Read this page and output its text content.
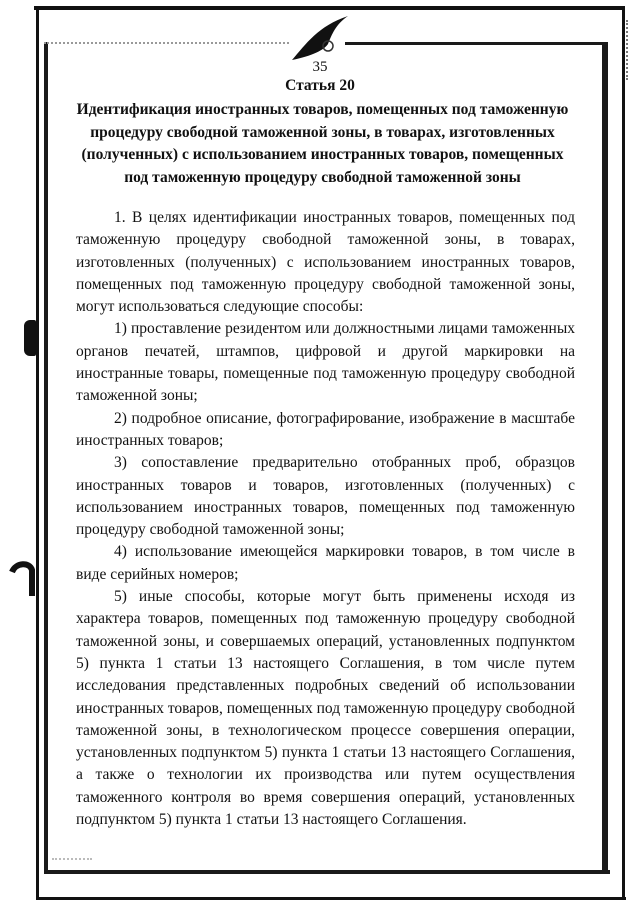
35
Статья 20

Идентификация иностранных товаров, помещенных под таможенную процедуру свободной таможенной зоны, в товарах, изготовленных (полученных) с использованием иностранных товаров, помещенных под таможенную процедуру свободной таможенной зоны

1. В целях идентификации иностранных товаров, помещенных под таможенную процедуру свободной таможенной зоны, в товарах, изготовленных (полученных) с использованием иностранных товаров, помещенных под таможенную процедуру свободной таможенной зоны, могут использоваться следующие способы:

1) проставление резидентом или должностными лицами таможенных органов печатей, штампов, цифровой и другой маркировки на иностранные товары, помещенные под таможенную процедуру свободной таможенной зоны;

2) подробное описание, фотографирование, изображение в масштабе иностранных товаров;

3) сопоставление предварительно отобранных проб, образцов иностранных товаров и товаров, изготовленных (полученных) с использованием иностранных товаров, помещенных под таможенную процедуру свободной таможенной зоны;

4) использование имеющейся маркировки товаров, в том числе в виде серийных номеров;

5) иные способы, которые могут быть применены исходя из характера товаров, помещенных под таможенную процедуру свободной таможенной зоны, и совершаемых операций, установленных подпунктом 5) пункта 1 статьи 13 настоящего Соглашения, в том числе путем исследования представленных подробных сведений об использовании иностранных товаров, помещенных под таможенную процедуру свободной таможенной зоны, в технологическом процессе совершения операции, установленных подпунктом 5) пункта 1 статьи 13 настоящего Соглашения, а также о технологии их производства или путем осуществления таможенного контроля во время совершения операций, установленных подпунктом 5) пункта 1 статьи 13 настоящего Соглашения.
